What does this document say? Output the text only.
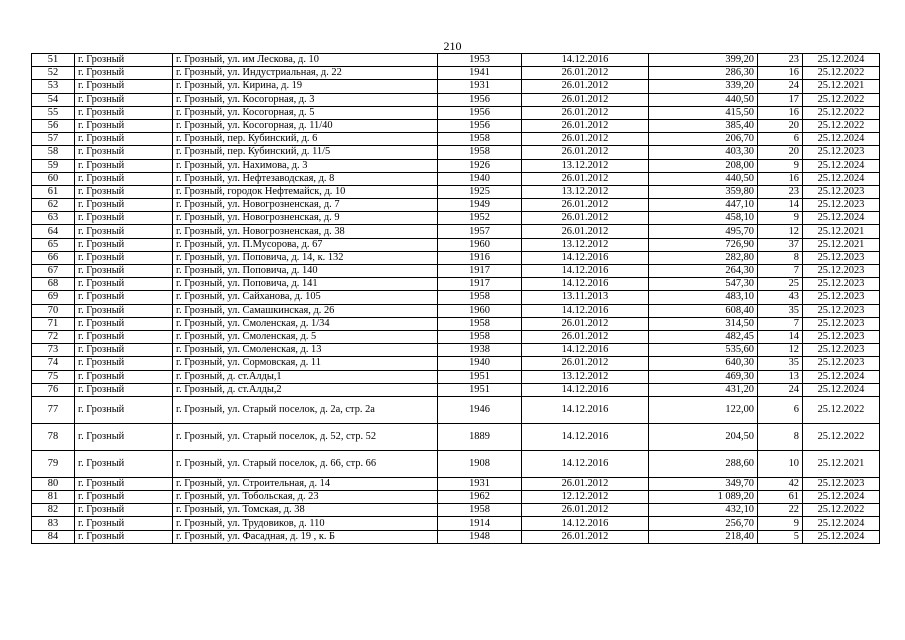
210
51	г. Грозный	г. Грозный, ул. им Лескова, д. 10	1953	14.12.2016	399,20	23	25.12.2024
52	г. Грозный	г. Грозный, ул. Индустриальная, д. 22	1941	26.01.2012	286,30	16	25.12.2022
53	г. Грозный	г. Грозный, ул. Кирина, д. 19	1931	26.01.2012	339,20	24	25.12.2021
54	г. Грозный	г. Грозный, ул. Косогорная, д. 3	1956	26.01.2012	440,50	17	25.12.2022
55	г. Грозный	г. Грозный, ул. Косогорная, д. 5	1956	26.01.2012	415,50	16	25.12.2022
56	г. Грозный	г. Грозный, ул. Косогорная, д. 11/40	1956	26.01.2012	385,40	20	25.12.2022
57	г. Грозный	г. Грозный, пер. Кубинский, д. 6	1958	26.01.2012	206,70	6	25.12.2024
58	г. Грозный	г. Грозный, пер. Кубинский, д. 11/5	1958	26.01.2012	403,30	20	25.12.2023
59	г. Грозный	г. Грозный, ул. Нахимова, д. 3	1926	13.12.2012	208,00	9	25.12.2024
60	г. Грозный	г. Грозный, ул. Нефтезаводская, д. 8	1940	26.01.2012	440,50	16	25.12.2024
61	г. Грозный	г. Грозный, городок Нефтемайск, д. 10	1925	13.12.2012	359,80	23	25.12.2023
62	г. Грозный	г. Грозный, ул. Новогрозненская, д. 7	1949	26.01.2012	447,10	14	25.12.2023
63	г. Грозный	г. Грозный, ул. Новогрозненская, д. 9	1952	26.01.2012	458,10	9	25.12.2024
64	г. Грозный	г. Грозный, ул. Новогрозненская, д. 38	1957	26.01.2012	495,70	12	25.12.2021
65	г. Грозный	г. Грозный, ул. П.Мусорова, д. 67	1960	13.12.2012	726,90	37	25.12.2021
66	г. Грозный	г. Грозный, ул. Поповича, д. 14, к. 132	1916	14.12.2016	282,80	8	25.12.2023
67	г. Грозный	г. Грозный, ул. Поповича, д. 140	1917	14.12.2016	264,30	7	25.12.2023
68	г. Грозный	г. Грозный, ул. Поповича, д. 141	1917	14.12.2016	547,30	25	25.12.2023
69	г. Грозный	г. Грозный, ул. Сайханова, д. 105	1958	13.11.2013	483,10	43	25.12.2023
70	г. Грозный	г. Грозный, ул. Самашкинская, д. 26	1960	14.12.2016	608,40	35	25.12.2023
71	г. Грозный	г. Грозный, ул. Смоленская, д. 1/34	1958	26.01.2012	314,50	7	25.12.2023
72	г. Грозный	г. Грозный, ул. Смоленская, д. 5	1958	26.01.2012	482,45	14	25.12.2023
73	г. Грозный	г. Грозный, ул. Смоленская, д. 13	1938	14.12.2016	535,60	12	25.12.2023
74	г. Грозный	г. Грозный, ул. Сормовская, д. 11	1940	26.01.2012	640,30	35	25.12.2023
75	г. Грозный	г. Грозный, д. ст.Алды,1	1951	13.12.2012	469,30	13	25.12.2024
76	г. Грозный	г. Грозный, д. ст.Алды,2	1951	14.12.2016	431,20	24	25.12.2024
77	г. Грозный	г. Грозный, ул. Старый поселок, д. 2а, стр. 2а	1946	14.12.2016	122,00	6	25.12.2022
78	г. Грозный	г. Грозный, ул. Старый поселок, д. 52, стр. 52	1889	14.12.2016	204,50	8	25.12.2022
79	г. Грозный	г. Грозный, ул. Старый поселок, д. 66, стр. 66	1908	14.12.2016	288,60	10	25.12.2021
80	г. Грозный	г. Грозный, ул. Строительная, д. 14	1931	26.01.2012	349,70	42	25.12.2023
81	г. Грозный	г. Грозный, ул. Тобольская, д. 23	1962	12.12.2012	1 089,20	61	25.12.2024
82	г. Грозный	г. Грозный, ул. Томская, д. 38	1958	26.01.2012	432,10	22	25.12.2022
83	г. Грозный	г. Грозный, ул. Трудовиков, д. 110	1914	14.12.2016	256,70	9	25.12.2024
84	г. Грозный	г. Грозный, ул. Фасадная, д. 19 , к. Б	1948	26.01.2012	218,40	5	25.12.2024
